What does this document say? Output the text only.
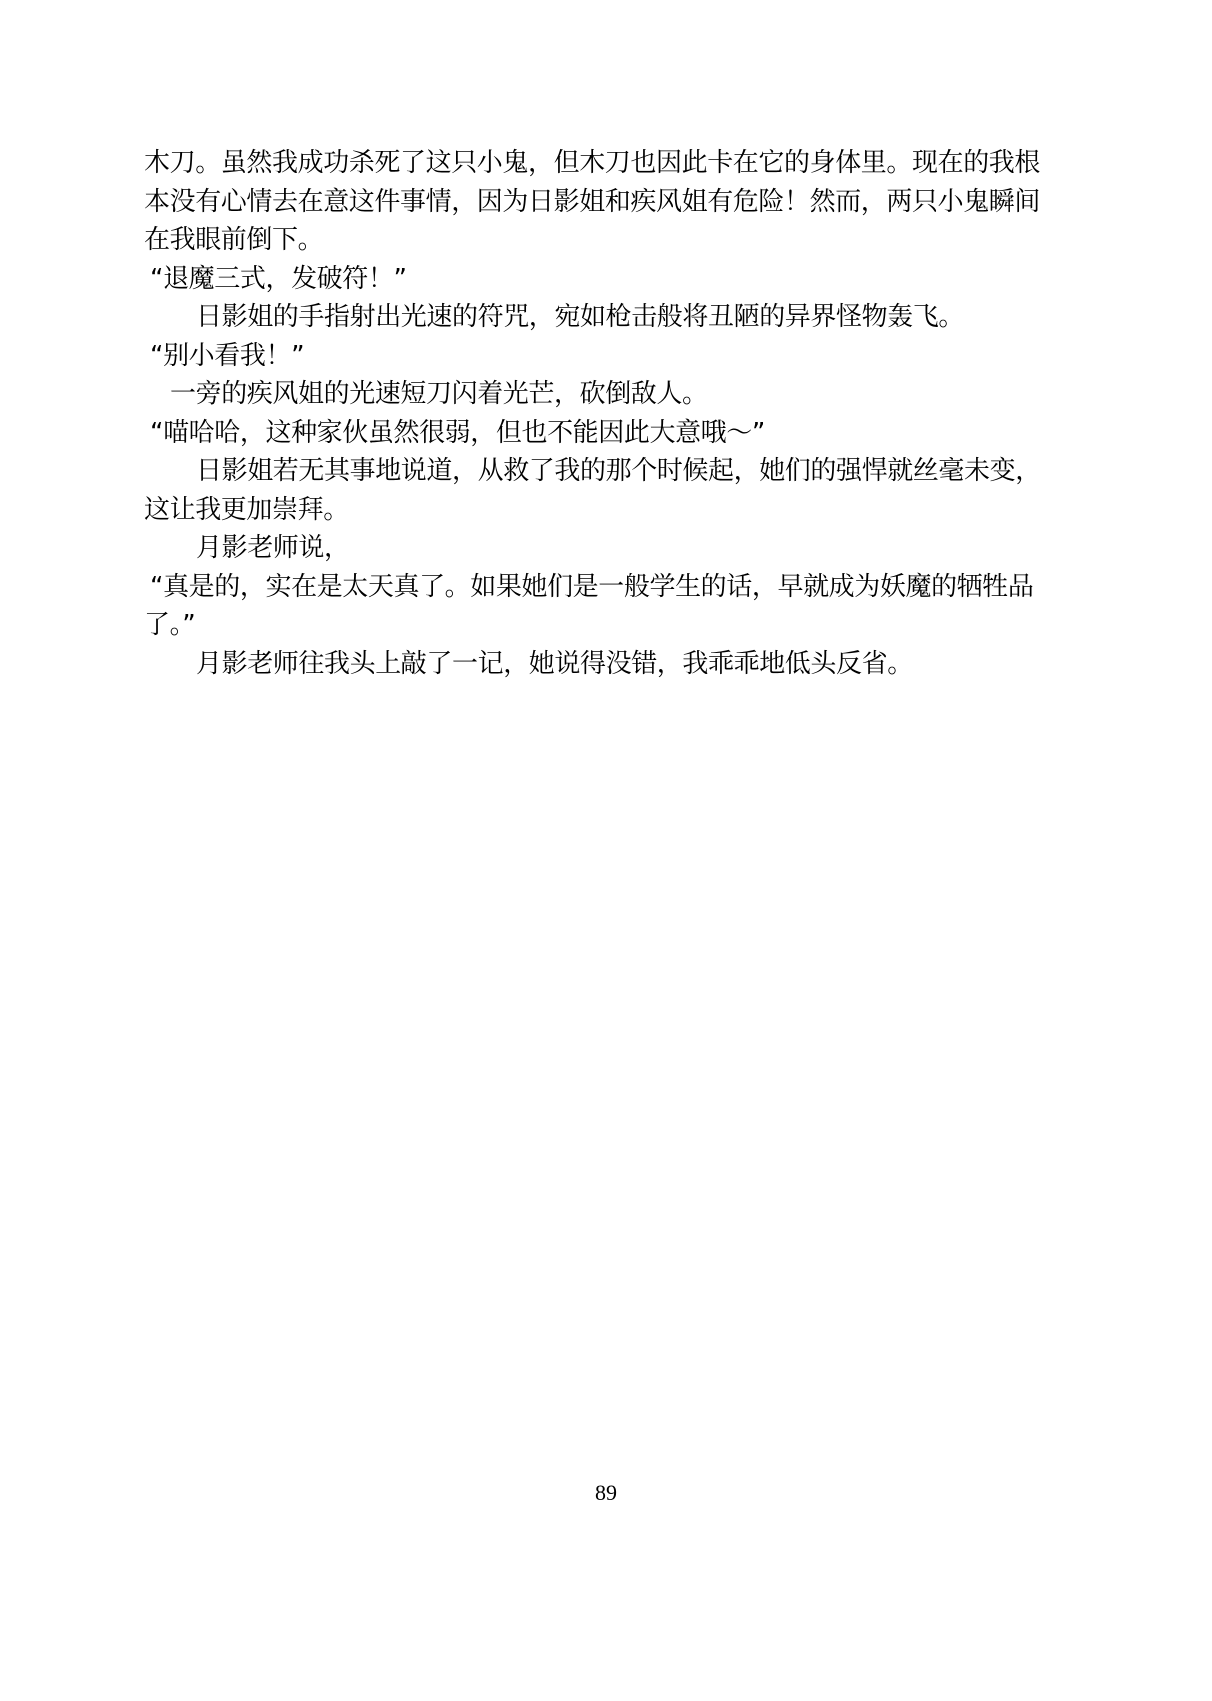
木刀。虽然我成功杀死了这只小鬼，但木刀也因此卡在它的身体里。现在的我根
本没有心情去在意这件事情，因为日影姐和疾风姐有危险！然而，两只小鬼瞬间
在我眼前倒下。
“退魔三式，发破符！”
日影姐的手指射出光速的符咒，宛如枪击般将丑陋的异界怪物轰飞。
“别小看我！”
一旁的疾风姐的光速短刀闪着光芒，砍倒敌人。
“喵哈哈，这种家伙虽然很弱，但也不能因此大意哦～”
日影姐若无其事地说道，从救了我的那个时候起，她们的强悍就丝毫未变，
这让我更加崇拜。
月影老师说，
“真是的，实在是太天真了。如果她们是一般学生的话，早就成为妖魔的牺牲品
了。”
月影老师往我头上敲了一记，她说得没错，我乖乖地低头反省。
89
